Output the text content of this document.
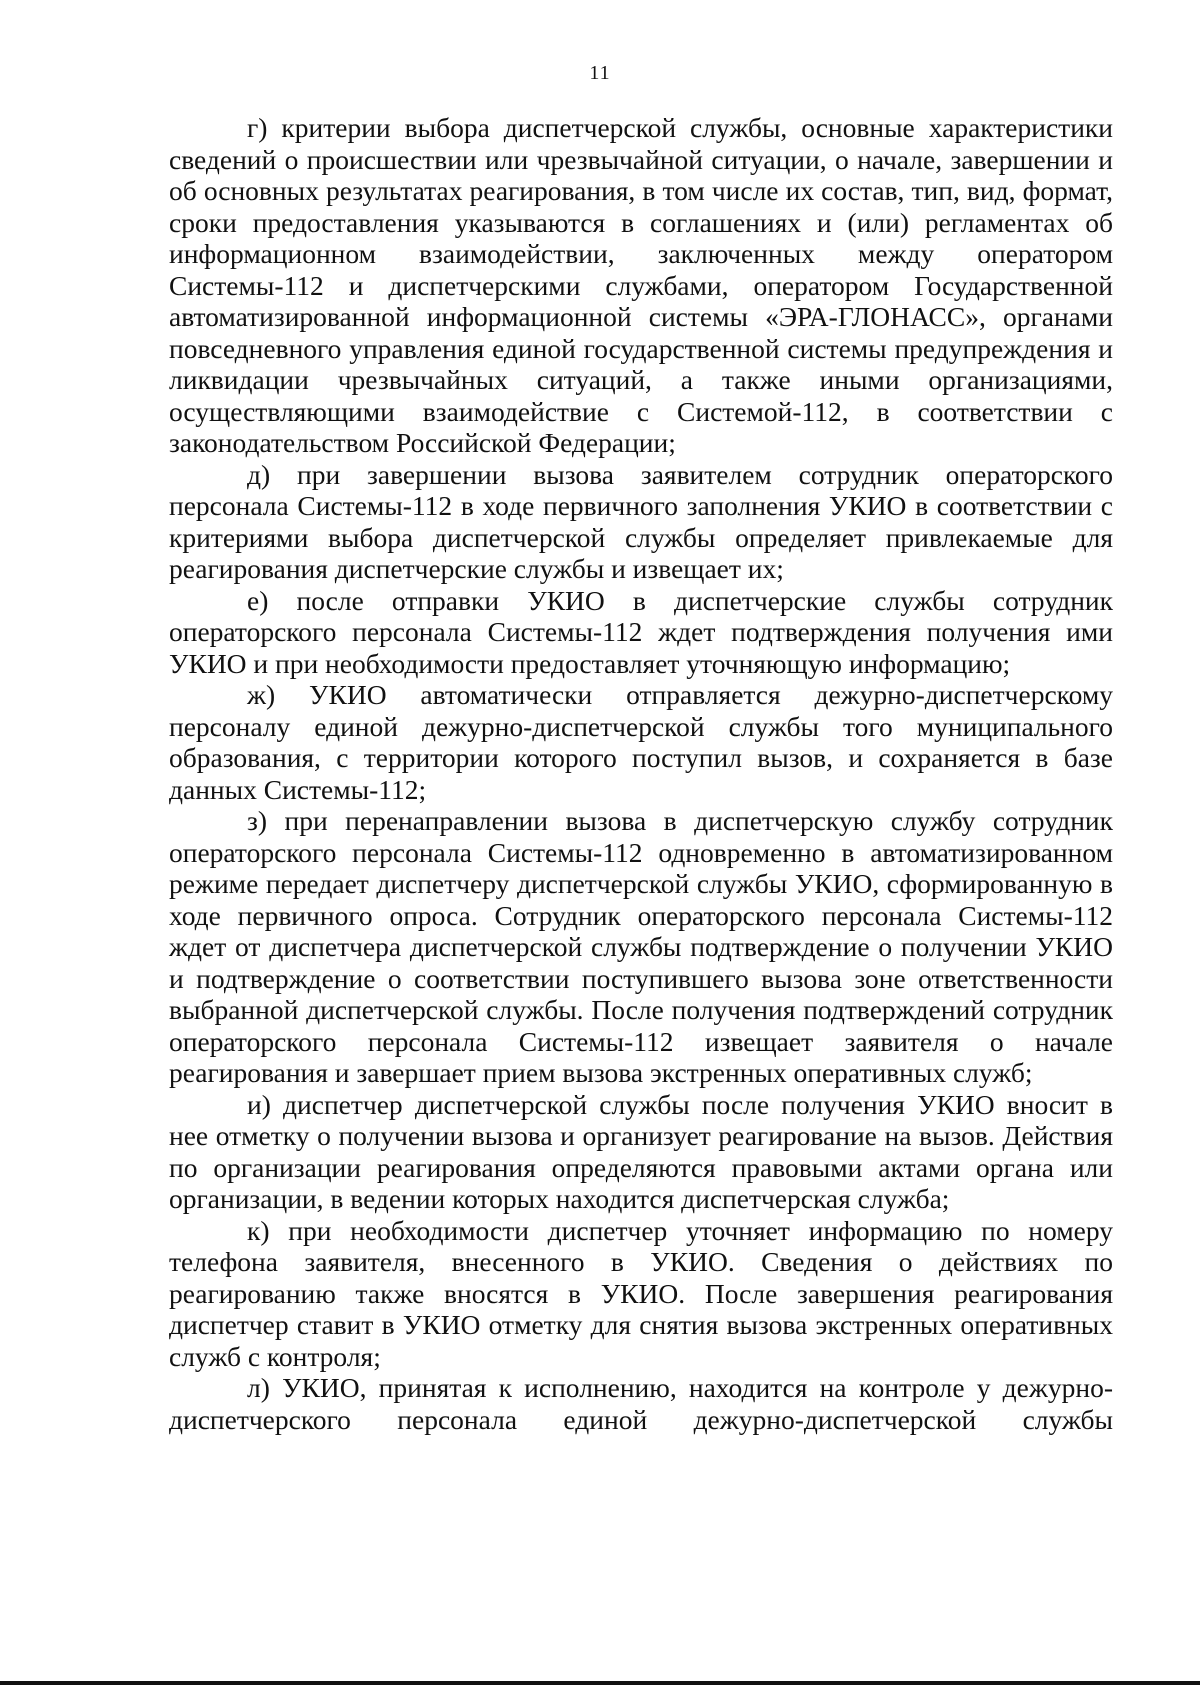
11

г) критерии выбора диспетчерской службы, основные характеристики сведений о происшествии или чрезвычайной ситуации, о начале, завершении и об основных результатах реагирования, в том числе их состав, тип, вид, формат, сроки предоставления указываются в соглашениях и (или) регламентах об информационном взаимодействии, заключенных между оператором Системы-112 и диспетчерскими службами, оператором Государственной автоматизированной информационной системы «ЭРА-ГЛОНАСС», органами повседневного управления единой государственной системы предупреждения и ликвидации чрезвычайных ситуаций, а также иными организациями, осуществляющими взаимодействие с Системой-112, в соответствии с законодательством Российской Федерации;

д) при завершении вызова заявителем сотрудник операторского персонала Системы-112 в ходе первичного заполнения УКИО в соответствии с критериями выбора диспетчерской службы определяет привлекаемые для реагирования диспетчерские службы и извещает их;

е) после отправки УКИО в диспетчерские службы сотрудник операторского персонала Системы-112 ждет подтверждения получения ими УКИО и при необходимости предоставляет уточняющую информацию;

ж) УКИО автоматически отправляется дежурно-диспетчерскому персоналу единой дежурно-диспетчерской службы того муниципального образования, с территории которого поступил вызов, и сохраняется в базе данных Системы-112;

з) при перенаправлении вызова в диспетчерскую службу сотрудник операторского персонала Системы-112 одновременно в автоматизированном режиме передает диспетчеру диспетчерской службы УКИО, сформированную в ходе первичного опроса. Сотрудник операторского персонала Системы-112 ждет от диспетчера диспетчерской службы подтверждение о получении УКИО и подтверждение о соответствии поступившего вызова зоне ответственности выбранной диспетчерской службы. После получения подтверждений сотрудник операторского персонала Системы-112 извещает заявителя о начале реагирования и завершает прием вызова экстренных оперативных служб;

и) диспетчер диспетчерской службы после получения УКИО вносит в нее отметку о получении вызова и организует реагирование на вызов. Действия по организации реагирования определяются правовыми актами органа или организации, в ведении которых находится диспетчерская служба;

к) при необходимости диспетчер уточняет информацию по номеру телефона заявителя, внесенного в УКИО. Сведения о действиях по реагированию также вносятся в УКИО. После завершения реагирования диспетчер ставит в УКИО отметку для снятия вызова экстренных оперативных служб с контроля;

л) УКИО, принятая к исполнению, находится на контроле у дежурно-диспетчерского персонала единой дежурно-диспетчерской службы
